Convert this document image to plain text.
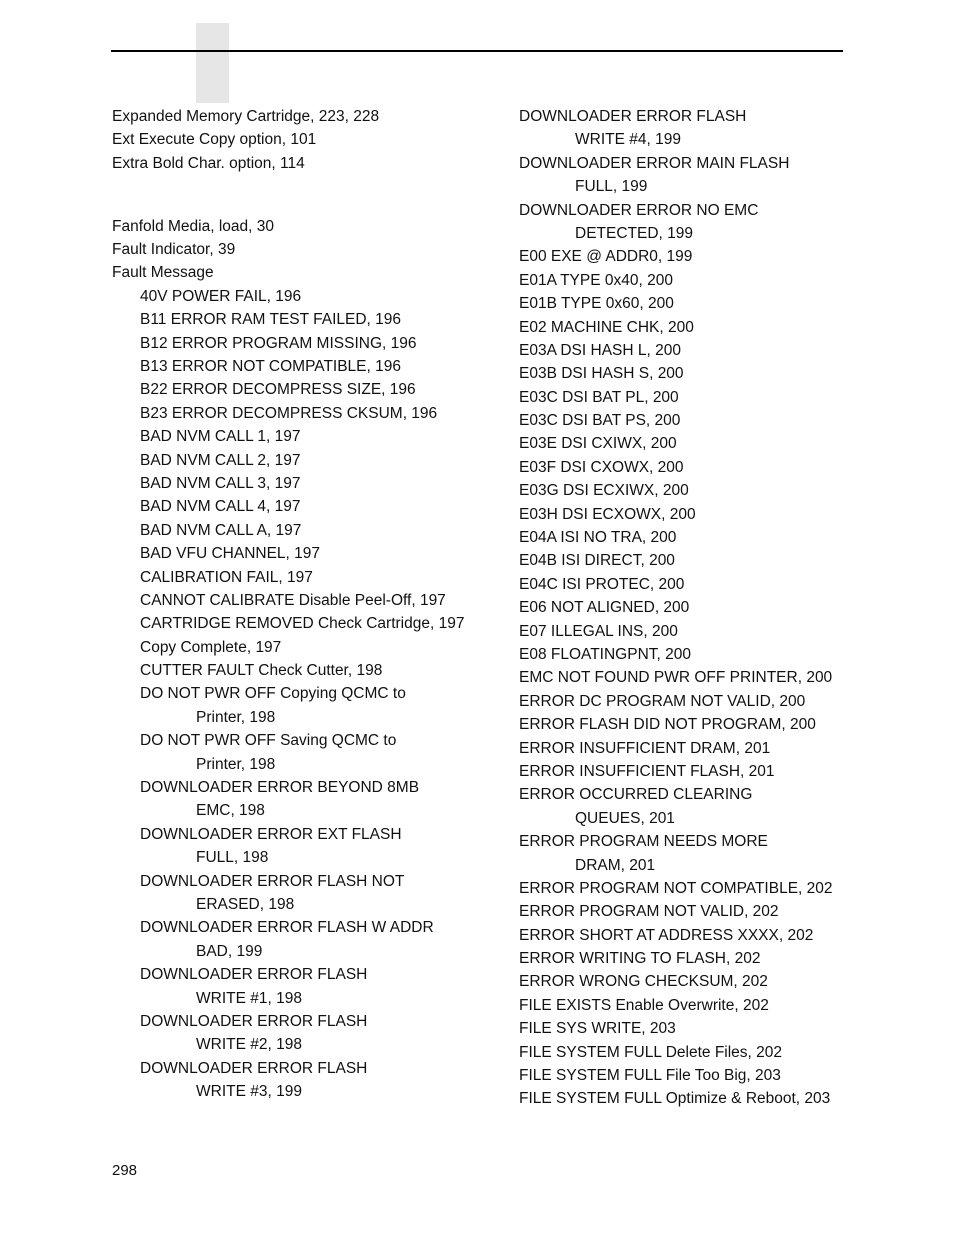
Expanded Memory Cartridge, 223, 228
Ext Execute Copy option, 101
Extra Bold Char. option, 114
Fanfold Media, load, 30
Fault Indicator, 39
Fault Message
40V POWER FAIL, 196
B11 ERROR RAM TEST FAILED, 196
B12 ERROR PROGRAM MISSING, 196
B13 ERROR NOT COMPATIBLE, 196
B22 ERROR DECOMPRESS SIZE, 196
B23 ERROR DECOMPRESS CKSUM, 196
BAD NVM CALL 1, 197
BAD NVM CALL 2, 197
BAD NVM CALL 3, 197
BAD NVM CALL 4, 197
BAD NVM CALL A, 197
BAD VFU CHANNEL, 197
CALIBRATION FAIL, 197
CANNOT CALIBRATE Disable Peel-Off, 197
CARTRIDGE REMOVED Check Cartridge, 197
Copy Complete, 197
CUTTER FAULT Check Cutter, 198
DO NOT PWR OFF Copying QCMC to
Printer, 198
DO NOT PWR OFF Saving QCMC to
Printer, 198
DOWNLOADER ERROR BEYOND 8MB
EMC, 198
DOWNLOADER ERROR EXT FLASH
FULL, 198
DOWNLOADER ERROR FLASH NOT
ERASED, 198
DOWNLOADER ERROR FLASH W ADDR
BAD, 199
DOWNLOADER ERROR FLASH
WRITE #1, 198
DOWNLOADER ERROR FLASH
WRITE #2, 198
DOWNLOADER ERROR FLASH
WRITE #3, 199
DOWNLOADER ERROR FLASH
WRITE #4, 199
DOWNLOADER ERROR MAIN FLASH
FULL, 199
DOWNLOADER ERROR NO EMC
DETECTED, 199
E00 EXE @ ADDR0, 199
E01A TYPE 0x40, 200
E01B TYPE 0x60, 200
E02 MACHINE CHK, 200
E03A DSI HASH L, 200
E03B DSI HASH S, 200
E03C DSI BAT PL, 200
E03C DSI BAT PS, 200
E03E DSI CXIWX, 200
E03F DSI CXOWX, 200
E03G DSI ECXIWX, 200
E03H DSI ECXOWX, 200
E04A ISI NO TRA, 200
E04B ISI DIRECT, 200
E04C ISI PROTEC, 200
E06 NOT ALIGNED, 200
E07 ILLEGAL INS, 200
E08 FLOATINGPNT, 200
EMC NOT FOUND PWR OFF PRINTER, 200
ERROR DC PROGRAM NOT VALID, 200
ERROR FLASH DID NOT PROGRAM, 200
ERROR INSUFFICIENT DRAM, 201
ERROR INSUFFICIENT FLASH, 201
ERROR OCCURRED CLEARING
QUEUES, 201
ERROR PROGRAM NEEDS MORE
DRAM, 201
ERROR PROGRAM NOT COMPATIBLE, 202
ERROR PROGRAM NOT VALID, 202
ERROR SHORT AT ADDRESS XXXX, 202
ERROR WRITING TO FLASH, 202
ERROR WRONG CHECKSUM, 202
FILE EXISTS Enable Overwrite, 202
FILE SYS WRITE, 203
FILE SYSTEM FULL Delete Files, 202
FILE SYSTEM FULL File Too Big, 203
FILE SYSTEM FULL Optimize & Reboot, 203
298
